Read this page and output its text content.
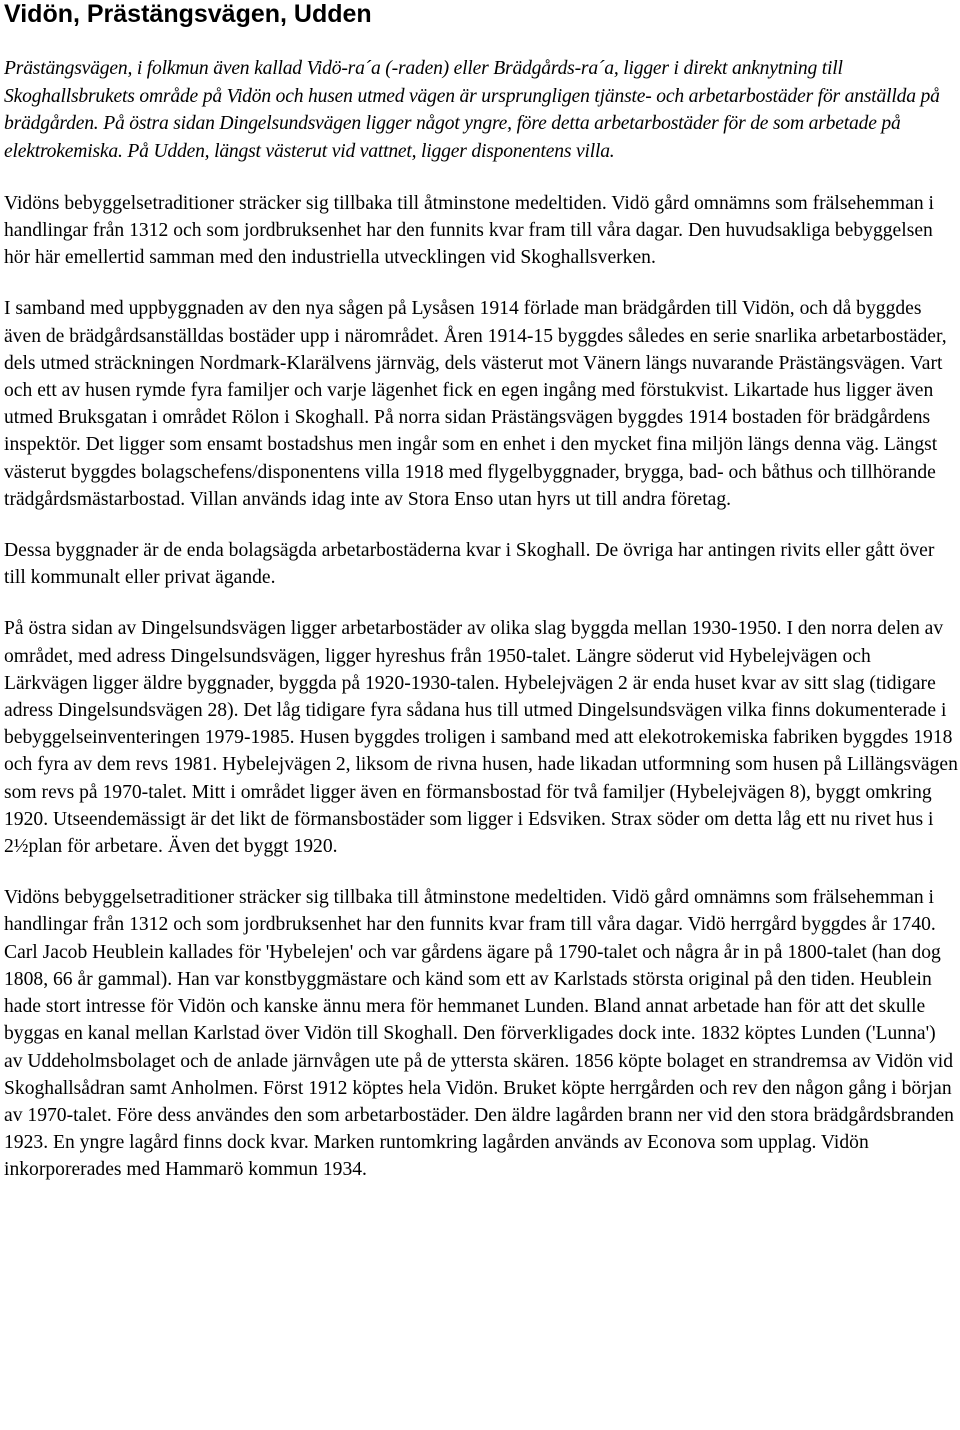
Vidön, Prästängsvägen, Udden

Prästängsvägen, i folkmun även kallad Vidö-ra´a (-raden) eller Brädgårds-ra´a, ligger i direkt anknytning till Skoghallsbrukets område på Vidön och husen utmed vägen är ursprungligen tjänste- och arbetarbostäder för anställda på brädgården. På östra sidan Dingelsundsvägen ligger något yngre, före detta arbetarbostäder för de som arbetade på elektrokemiska. På Udden, längst västerut vid vattnet, ligger disponentens villa.

Vidöns bebyggelsetraditioner sträcker sig tillbaka till åtminstone medeltiden. Vidö gård omnämns som frälsehemman i handlingar från 1312 och som jordbruksenhet har den funnits kvar fram till våra dagar. Den huvudsakliga bebyggelsen hör här emellertid samman med den industriella utvecklingen vid Skoghallsverken.

I samband med uppbyggnaden av den nya sågen på Lysåsen 1914 förlade man brädgården till Vidön, och då byggdes även de brädgårdsanställdas bostäder upp i närområdet. Åren 1914-15 byggdes således en serie snarlika arbetarbostäder, dels utmed sträckningen Nordmark-Klarälvens järnväg, dels västerut mot Vänern längs nuvarande Prästängsvägen. Vart och ett av husen rymde fyra familjer och varje lägenhet fick en egen ingång med förstukvist. Likartade hus ligger även utmed Bruksgatan i området Rölon i Skoghall. På norra sidan Prästängsvägen byggdes 1914 bostaden för brädgårdens inspektör. Det ligger som ensamt bostadshus men ingår som en enhet i den mycket fina miljön längs denna väg. Längst västerut byggdes bolagschefens/disponentens villa 1918 med flygelbyggnader, brygga, bad- och båthus och tillhörande trädgårdsmästarbostad. Villan används idag inte av Stora Enso utan hyrs ut till andra företag.

Dessa byggnader är de enda bolagsägda arbetarbostäderna kvar i Skoghall. De övriga har antingen rivits eller gått över till kommunalt eller privat ägande.

På östra sidan av Dingelsundsvägen ligger arbetarbostäder av olika slag byggda mellan 1930-1950. I den norra delen av området, med adress Dingelsundsvägen, ligger hyreshus från 1950-talet. Längre söderut vid Hybelejvägen och Lärkvägen ligger äldre byggnader, byggda på 1920-1930-talen. Hybelejvägen 2 är enda huset kvar av sitt slag (tidigare adress Dingelsundsvägen 28). Det låg tidigare fyra sådana hus till utmed Dingelsundsvägen vilka finns dokumenterade i bebyggelseinventeringen 1979-1985. Husen byggdes troligen i samband med att elekotrokemiska fabriken byggdes 1918 och fyra av dem revs 1981. Hybelejvägen 2, liksom de rivna husen, hade likadan utformning som husen på Lillängsvägen som revs på 1970-talet. Mitt i området ligger även en förmansbostad för två familjer (Hybelejvägen 8), byggt omkring 1920. Utseendemässigt är det likt de förmansbostäder som ligger i Edsviken. Strax söder om detta låg ett nu rivet hus i 2½plan för arbetare. Även det byggt 1920.

Vidöns bebyggelsetraditioner sträcker sig tillbaka till åtminstone medeltiden. Vidö gård omnämns som frälsehemman i handlingar från 1312 och som jordbruksenhet har den funnits kvar fram till våra dagar. Vidö herrgård byggdes år 1740. Carl Jacob Heublein kallades för 'Hybelejen' och var gårdens ägare på 1790-talet och några år in på 1800-talet (han dog 1808, 66 år gammal). Han var konstbyggmästare och känd som ett av Karlstads största original på den tiden. Heublein hade stort intresse för Vidön och kanske ännu mera för hemmanet Lunden. Bland annat arbetade han för att det skulle byggas en kanal mellan Karlstad över Vidön till Skoghall. Den förverkligades dock inte. 1832 köptes Lunden ('Lunna') av Uddeholmsbolaget och de anlade järnvågen ute på de yttersta skären. 1856 köpte bolaget en strandremsa av Vidön vid Skoghallsådran samt Anholmen. Först 1912 köptes hela Vidön. Bruket köpte herrgården och rev den någon gång i början av 1970-talet. Före dess användes den som arbetarbostäder. Den äldre lagården brann ner vid den stora brädgårdsbranden 1923. En yngre lagård finns dock kvar. Marken runtomkring lagården används av Econova som upplag. Vidön inkorporerades med Hammarö kommun 1934.
